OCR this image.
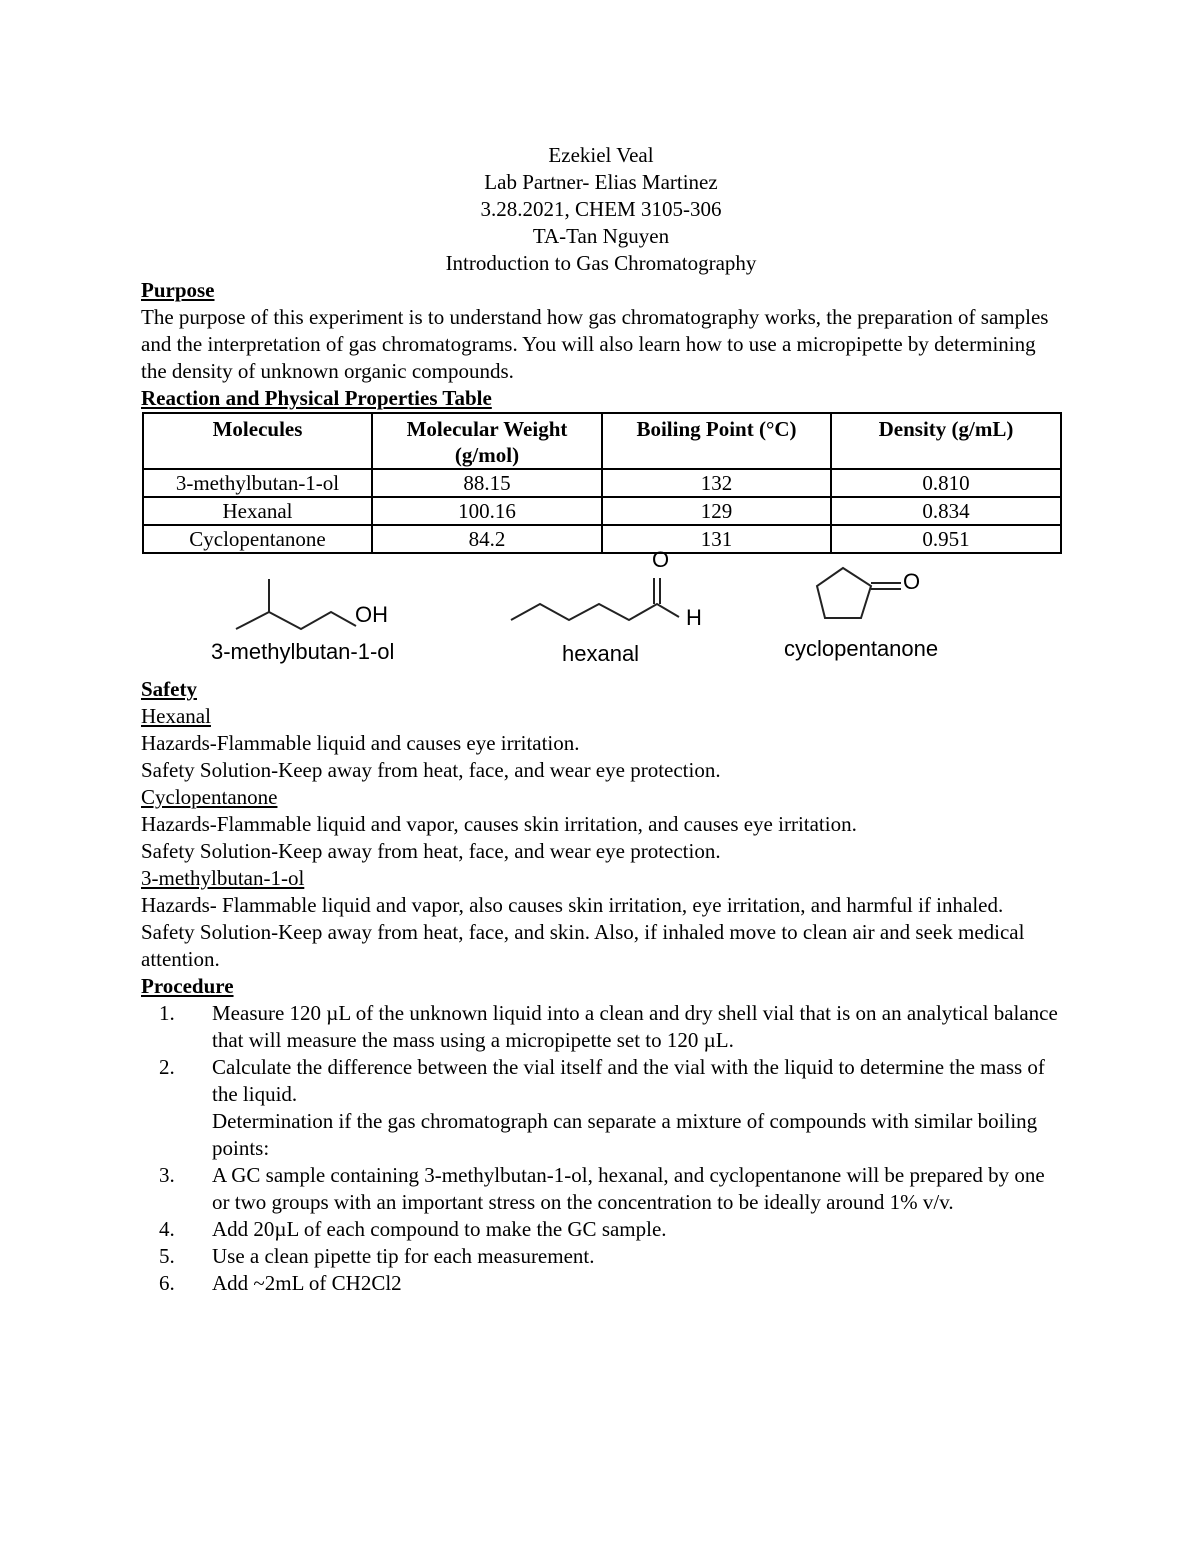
Ezekiel Veal
Lab Partner- Elias Martinez
3.28.2021, CHEM 3105-306
TA-Tan Nguyen
Introduction to Gas Chromatography
Purpose

The purpose of this experiment is to understand how gas chromatography works, the preparation of samples and the interpretation of gas chromatograms. You will also learn how to use a micropipette by determining the density of unknown organic compounds.

Reaction and Physical Properties Table
Molecules	Molecular Weight (g/mol)	Boiling Point (°C)	Density (g/mL)
3-methylbutan-1-ol	88.15	132	0.810
Hexanal	100.16	129	0.834
Cyclopentanone	84.2	131	0.951
OH
3-methylbutan-1-ol
O
H
hexanal
O
cyclopentanone
Safety
Hexanal

Hazards-Flammable liquid and causes eye irritation.

Safety Solution-Keep away from heat, face, and wear eye protection.

Cyclopentanone

Hazards-Flammable liquid and vapor, causes skin irritation, and causes eye irritation.

Safety Solution-Keep away from heat, face, and wear eye protection.

3-methylbutan-1-ol

Hazards- Flammable liquid and vapor, also causes skin irritation, eye irritation, and harmful if inhaled.

Safety Solution-Keep away from heat, face, and skin. Also, if inhaled move to clean air and seek medical attention.

Procedure
1. Measure 120 µL of the unknown liquid into a clean and dry shell vial that is on an analytical balance that will measure the mass using a micropipette set to 120 µL.
2. Calculate the difference between the vial itself and the vial with the liquid to determine the mass of the liquid.
Determination if the gas chromatograph can separate a mixture of compounds with similar boiling points:
3. A GC sample containing 3-methylbutan-1-ol, hexanal, and cyclopentanone will be prepared by one or two groups with an important stress on the concentration to be ideally around 1% v/v.
4. Add 20µL of each compound to make the GC sample.
5. Use a clean pipette tip for each measurement.
6. Add ~2mL of CH2Cl2
